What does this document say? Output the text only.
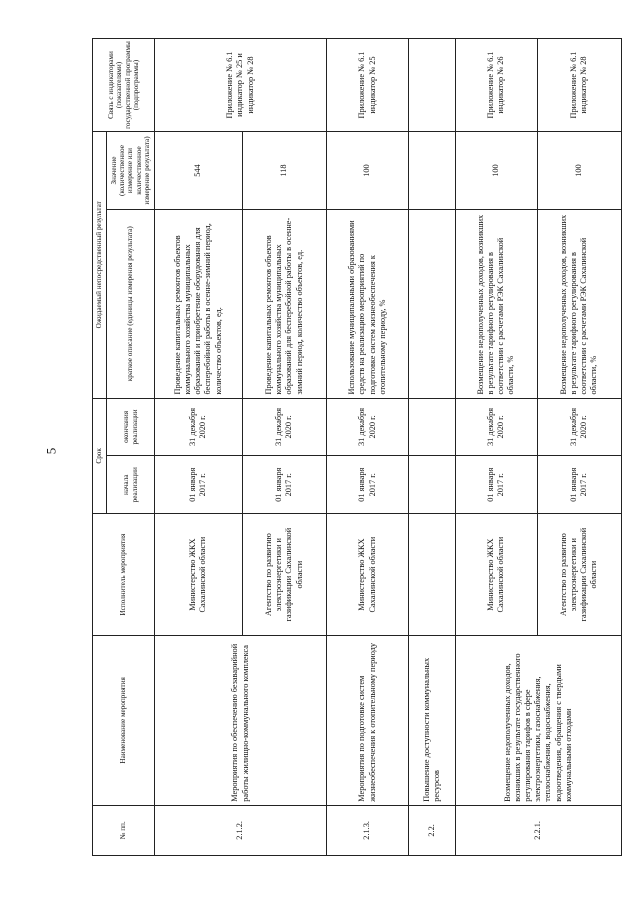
5
№ пп.	Наименование мероприятия	Исполнитель мероприятия	Срок		Ожидаемый непосредственный результат		Связь с индикаторами (показателями) государственной программы (подпрограммы)
			начала реализации	окончания реализации	краткое описание (единицы измерения результата)	Значение (количественное измерение или количественное измерение результата)	
2.1.2.	Мероприятия по обеспечению безаварийной работы жилищно-коммунального комплекса	Министерство ЖКХ Сахалинской области	01 января 2017 г.	31 декабря 2020 г.	Проведение капитальных ремонтов объектов коммунального хозяйства муниципальных образований и приобретение оборудования для бесперебойной работы в осенне-зимний период, количество объектов, ед.	544	Приложение № 6.1 индикатор № 25 и индикатор № 28
		Агентство по развитию электроэнергетики и газификации Сахалинской области	01 января 2017 г.	31 декабря 2020 г.	Проведение капитальных ремонтов объектов коммунального хозяйства муниципальных образований для бесперебойной работы в осенне-зимний период, количество объектов, ед.	118	
2.1.3.	Мероприятия по подготовке систем жизнеобеспечения к отопительному периоду	Министерство ЖКХ Сахалинской области	01 января 2017 г.	31 декабря 2020 г.	Использование муниципальными образованиями средств на реализацию мероприятий по подготовке систем жизнеобеспечения к отопительному периоду, %	100	Приложение № 6.1 индикатор № 25
2.2.	Повышение доступности коммунальных ресурсов						
2.2.1.	Возмещение недополученных доходов, возникших в результате государственного регулирования тарифов в сфере электроэнергетики, газоснабжения, теплоснабжения, водоснабжения, водоотведения, обращения с твердыми коммунальными отходами	Министерство ЖКХ Сахалинской области	01 января 2017 г.	31 декабря 2020 г.	Возмещение недополученных доходов, возникших в результате тарифного регулирования в соответствии с расчетами РЭК Сахалинской области, %	100	Приложение № 6.1 индикатор № 26
		Агентство по развитию электроэнергетики и газификации Сахалинской области	01 января 2017 г.	31 декабря 2020 г.	Возмещение недополученных доходов, возникших в результате тарифного регулирования в соответствии с расчетами РЭК Сахалинской области, %	100	Приложение № 6.1 индикатор № 28
